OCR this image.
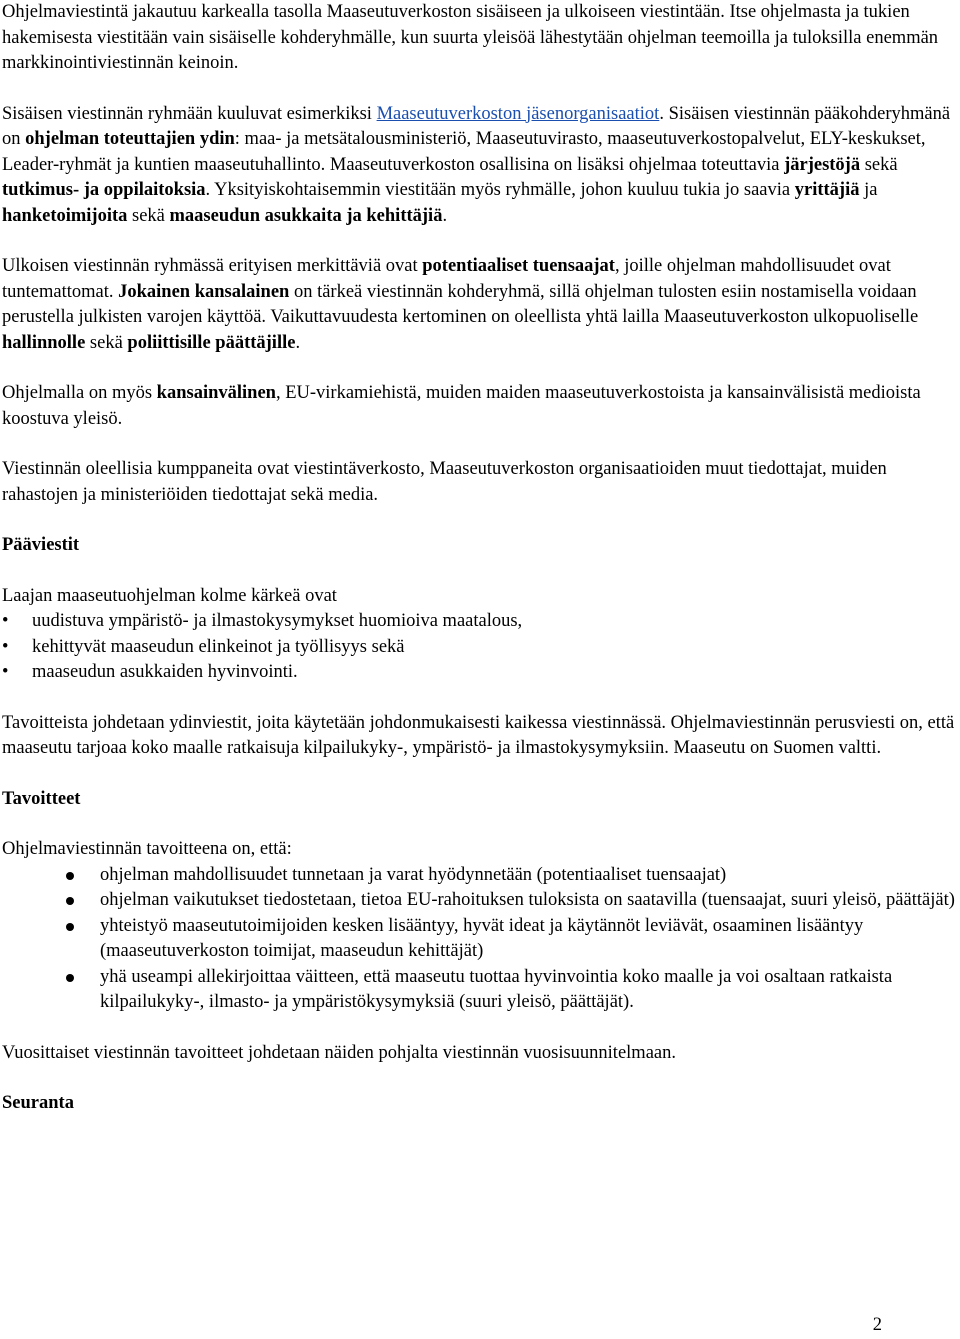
Ohjelmaviestintä jakautuu karkealla tasolla Maaseutuverkoston sisäiseen ja ulkoiseen viestintään. Itse ohjelmasta ja tukien hakemisesta viestitään vain sisäiselle kohderyhmälle, kun suurta yleisöä lähestytään ohjelman teemoilla ja tuloksilla enemmän markkinointiviestinnän keinoin.

Sisäisen viestinnän ryhmään kuuluvat esimerkiksi Maaseutuverkoston jäsenorganisaatiot. Sisäisen viestinnän pääkohderyhmänä on ohjelman toteuttajien ydin: maa- ja metsätalousministeriö, Maaseutuvirasto, maaseutuverkostopalvelut, ELY-keskukset, Leader-ryhmät ja kuntien maaseutuhallinto. Maaseutuverkoston osallisina on lisäksi ohjelmaa toteuttavia järjestöjä sekä tutkimus- ja oppilaitoksia. Yksityiskohtaisemmin viestitään myös ryhmälle, johon kuuluu tukia jo saavia yrittäjiä ja hanketoimijoita sekä maaseudun asukkaita ja kehittäjiä.

Ulkoisen viestinnän ryhmässä erityisen merkittäviä ovat potentiaaliset tuensaajat, joille ohjelman mahdollisuudet ovat tuntemattomat. Jokainen kansalainen on tärkeä viestinnän kohderyhmä, sillä ohjelman tulosten esiin nostamisella voidaan perustella julkisten varojen käyttöä. Vaikuttavuudesta kertominen on oleellista yhtä lailla Maaseutuverkoston ulkopuoliselle hallinnolle sekä poliittisille päättäjille.

Ohjelmalla on myös kansainvälinen, EU-virkamiehistä, muiden maiden maaseutuverkostoista ja kansainvälisistä medioista koostuva yleisö.

Viestinnän oleellisia kumppaneita ovat viestintäverkosto, Maaseutuverkoston organisaatioiden muut tiedottajat, muiden rahastojen ja ministeriöiden tiedottajat sekä media.

Pääviestit

Laajan maaseutuohjelman kolme kärkeä ovat

•	uudistuva ympäristö- ja ilmastokysymykset huomioiva maatalous,
•	kehittyvät maaseudun elinkeinot ja työllisyys sekä
•	maaseudun asukkaiden hyvinvointi.

Tavoitteista johdetaan ydinviestit, joita käytetään johdonmukaisesti kaikessa viestinnässä. Ohjelmaviestinnän perusviesti on, että maaseutu tarjoaa koko maalle ratkaisuja kilpailukyky-, ympäristö- ja ilmastokysymyksiin. Maaseutu on Suomen valtti.

Tavoitteet

Ohjelmaviestinnän tavoitteena on, että:

ohjelman mahdollisuudet tunnetaan ja varat hyödynnetään (potentiaaliset tuensaajat)
ohjelman vaikutukset tiedostetaan, tietoa EU-rahoituksen tuloksista on saatavilla (tuensaajat, suuri yleisö, päättäjät)
yhteistyö maaseututoimijoiden kesken lisääntyy, hyvät ideat ja käytännöt leviävät, osaaminen lisääntyy (maaseutuverkoston toimijat, maaseudun kehittäjät)
yhä useampi allekirjoittaa väitteen, että maaseutu tuottaa hyvinvointia koko maalle ja voi osaltaan ratkaista kilpailukyky-, ilmasto- ja ympäristökysymyksiä (suuri yleisö, päättäjät).

Vuosittaiset viestinnän tavoitteet johdetaan näiden pohjalta viestinnän vuosisuunnitelmaan.

Seuranta

2
